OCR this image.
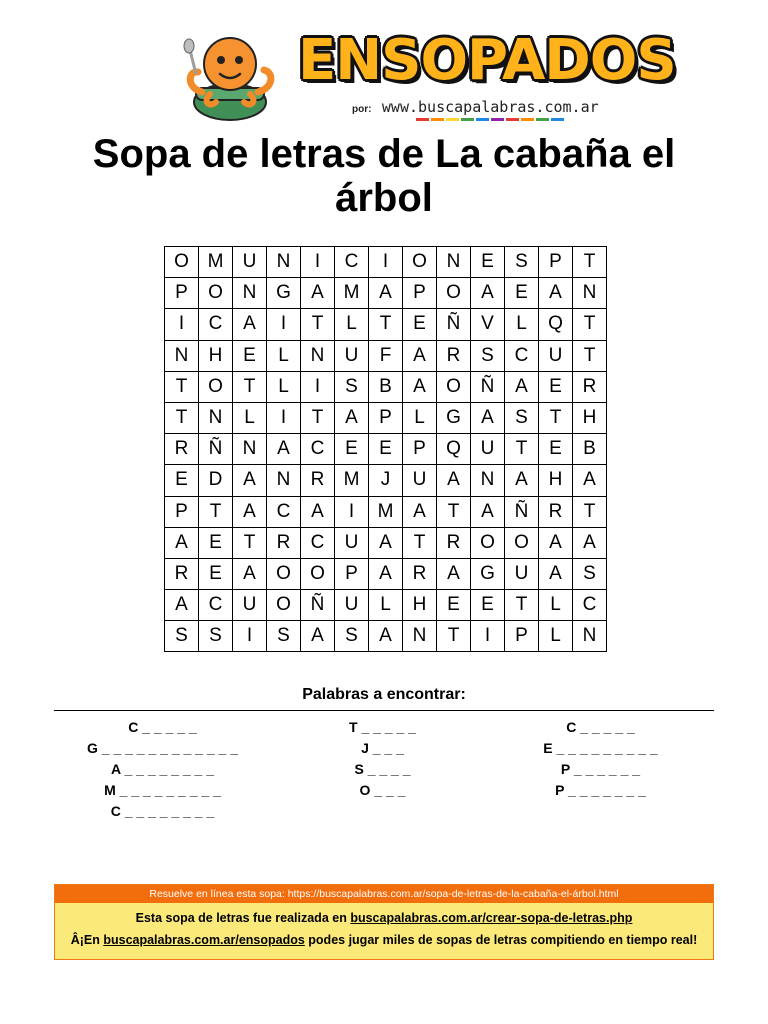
ENSOPADOS
por: www.buscapalabras.com.ar
Sopa de letras de La cabaña el árbol
O	M	U	N	I	C	I	O	N	E	S	P	T
P	O	N	G	A	M	A	P	O	A	E	A	N
I	C	A	I	T	L	T	E	Ñ	V	L	Q	T
N	H	E	L	N	U	F	A	R	S	C	U	T
T	O	T	L	I	S	B	A	O	Ñ	A	E	R
T	N	L	I	T	A	P	L	G	A	S	T	H
R	Ñ	N	A	C	E	E	P	Q	U	T	E	B
E	D	A	N	R	M	J	U	A	N	A	H	A
P	T	A	C	A	I	M	A	T	A	Ñ	R	T
A	E	T	R	C	U	A	T	R	O	O	A	A
R	E	A	O	O	P	A	R	A	G	U	A	S
A	C	U	O	Ñ	U	L	H	E	E	T	L	C
S	S	I	S	A	S	A	N	T	I	P	L	N
Palabras a encontrar:
C _ _ _ _ _
G _ _ _ _ _ _ _ _ _ _ _ _
A _ _ _ _ _ _ _ _
M _ _ _ _ _ _ _ _ _
C _ _ _ _ _ _ _ _
T _ _ _ _ _
J _ _ _
S _ _ _ _
O _ _ _
C _ _ _ _ _
E _ _ _ _ _ _ _ _ _
P _ _ _ _ _ _
P _ _ _ _ _ _ _
Resuelve en línea esta sopa: https://buscapalabras.com.ar/sopa-de-letras-de-la-cabaña-el-árbol.html
Esta sopa de letras fue realizada en buscapalabras.com.ar/crear-sopa-de-letras.php
Â¡En buscapalabras.com.ar/ensopados podes jugar miles de sopas de letras compitiendo en tiempo real!
